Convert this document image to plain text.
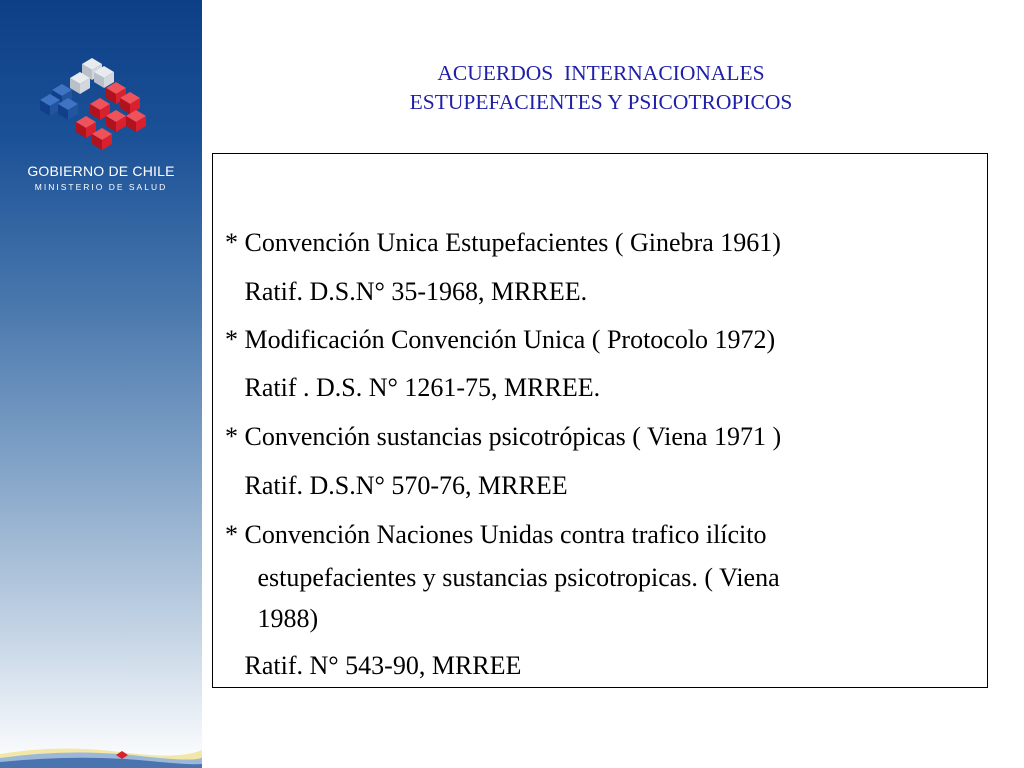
GOBIERNO DE CHILE
MINISTERIO DE SALUD
ACUERDOS  INTERNACIONALES
ESTUPEFACIENTES Y PSICOTROPICOS
* Convención Unica Estupefacientes ( Ginebra 1961)
Ratif. D.S.N° 35-1968, MRREE.
* Modificación Convención Unica ( Protocolo 1972)
Ratif . D.S. N° 1261-75, MRREE.
* Convención sustancias psicotrópicas ( Viena 1971 )
Ratif. D.S.N° 570-76, MRREE
* Convención Naciones Unidas contra trafico ilícito
estupefacientes y sustancias psicotropicas. ( Viena
1988)
Ratif. N° 543-90, MRREE
